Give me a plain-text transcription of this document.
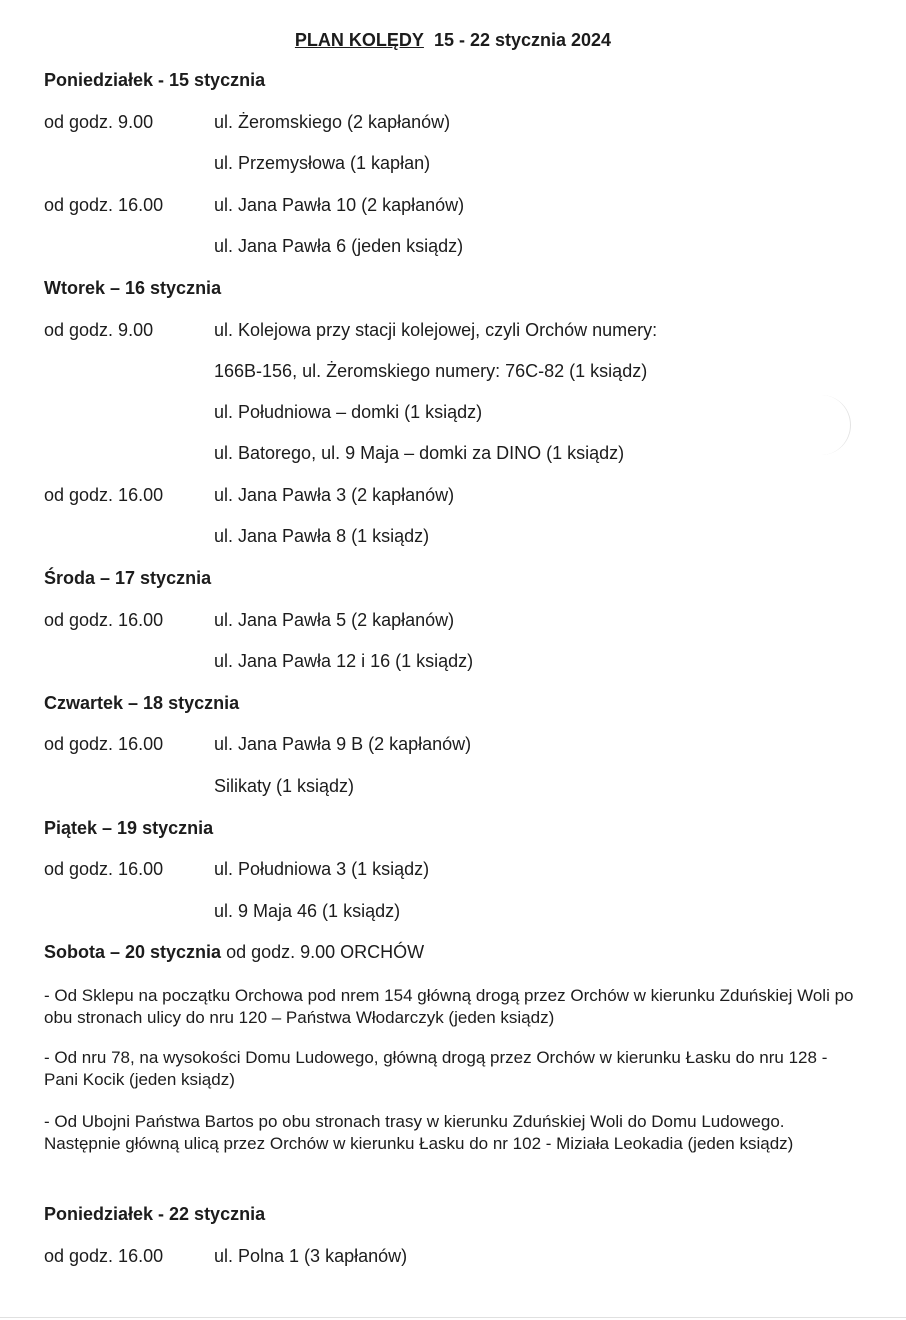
PLAN KOLĘDY 15 - 22 stycznia 2024
Poniedziałek - 15 stycznia
od godz. 9.00	ul. Żeromskiego (2 kapłanów)
ul. Przemysłowa (1 kapłan)
od godz. 16.00	ul. Jana Pawła 10 (2 kapłanów)
ul. Jana Pawła 6 (jeden ksiądz)
Wtorek – 16 stycznia
od godz. 9.00	ul. Kolejowa przy stacji kolejowej, czyli Orchów numery:
166B-156, ul. Żeromskiego numery: 76C-82 (1 ksiądz)
ul. Południowa – domki (1 ksiądz)
ul. Batorego, ul. 9 Maja – domki za DINO (1 ksiądz)
od godz. 16.00	ul. Jana Pawła 3 (2 kapłanów)
ul. Jana Pawła 8 (1 ksiądz)
Środa – 17 stycznia
od godz. 16.00	ul. Jana Pawła 5 (2 kapłanów)
ul. Jana Pawła 12 i 16 (1 ksiądz)
Czwartek – 18 stycznia
od godz. 16.00	ul. Jana Pawła 9 B (2 kapłanów)
Silikaty (1 ksiądz)
Piątek – 19 stycznia
od godz. 16.00	ul. Południowa 3 (1 ksiądz)
ul. 9 Maja 46 (1 ksiądz)
Sobota – 20 stycznia od godz. 9.00 ORCHÓW
- Od Sklepu na początku Orchowa pod nrem 154 główną drogą przez Orchów w kierunku Zduńskiej Woli po obu stronach ulicy do nru 120 – Państwa Włodarczyk (jeden ksiądz)
- Od nru 78, na wysokości Domu Ludowego, główną drogą przez Orchów w kierunku Łasku do nru 128 - Pani Kocik (jeden ksiądz)
- Od Ubojni Państwa Bartos po obu stronach trasy w kierunku Zduńskiej Woli do Domu Ludowego. Następnie główną ulicą przez Orchów w kierunku Łasku do nr 102 - Miziała Leokadia (jeden ksiądz)
Poniedziałek - 22 stycznia
od godz. 16.00	ul. Polna 1 (3 kapłanów)
